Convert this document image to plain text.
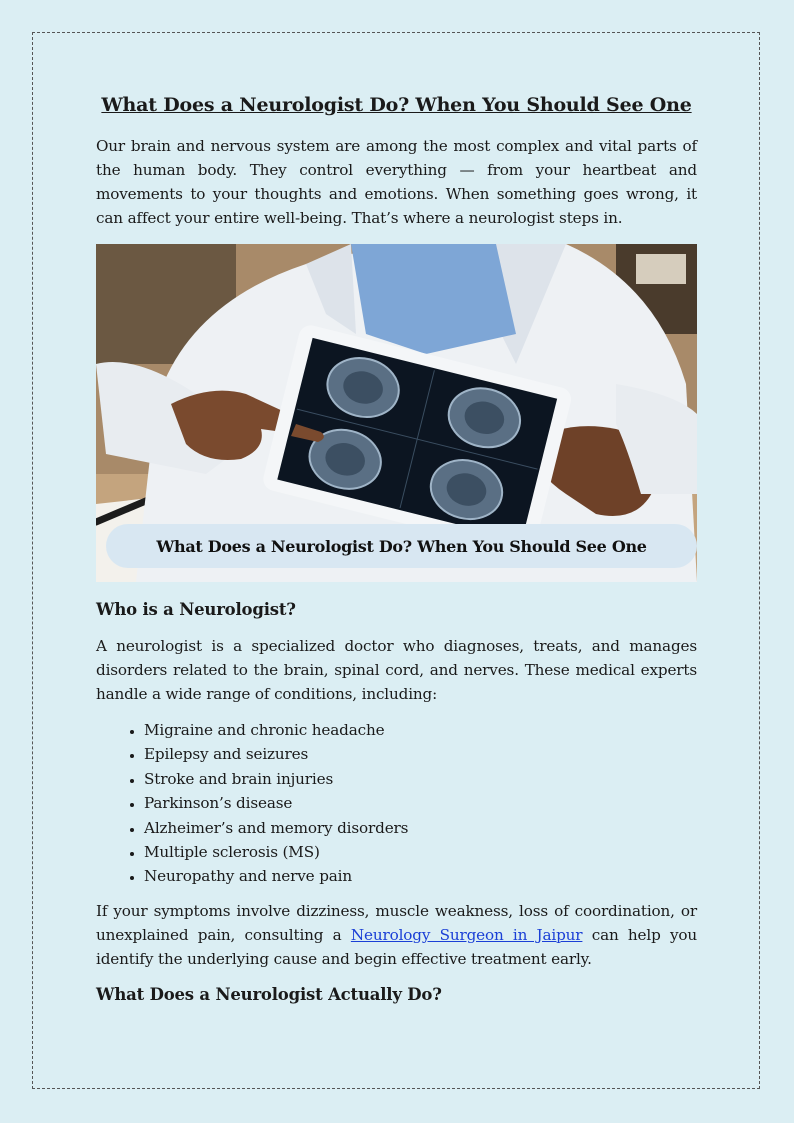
What Does a Neurologist Do? When You Should See One

Our brain and nervous system are among the most complex and vital parts of the human body. They control everything — from your heartbeat and movements to your thoughts and emotions. When something goes wrong, it can affect your entire well-being. That’s where a neurologist steps in.

What Does a Neurologist Do? When You Should See One
Who is a Neurologist?

A neurologist is a specialized doctor who diagnoses, treats, and manages disorders related to the brain, spinal cord, and nerves. These medical experts handle a wide range of conditions, including:

• Migraine and chronic headache
• Epilepsy and seizures
• Stroke and brain injuries
• Parkinson’s disease
• Alzheimer’s and memory disorders
• Multiple sclerosis (MS)
• Neuropathy and nerve pain

If your symptoms involve dizziness, muscle weakness, loss of coordination, or unexplained pain, consulting a Neurology Surgeon in Jaipur can help you identify the underlying cause and begin effective treatment early.

What Does a Neurologist Actually Do?
